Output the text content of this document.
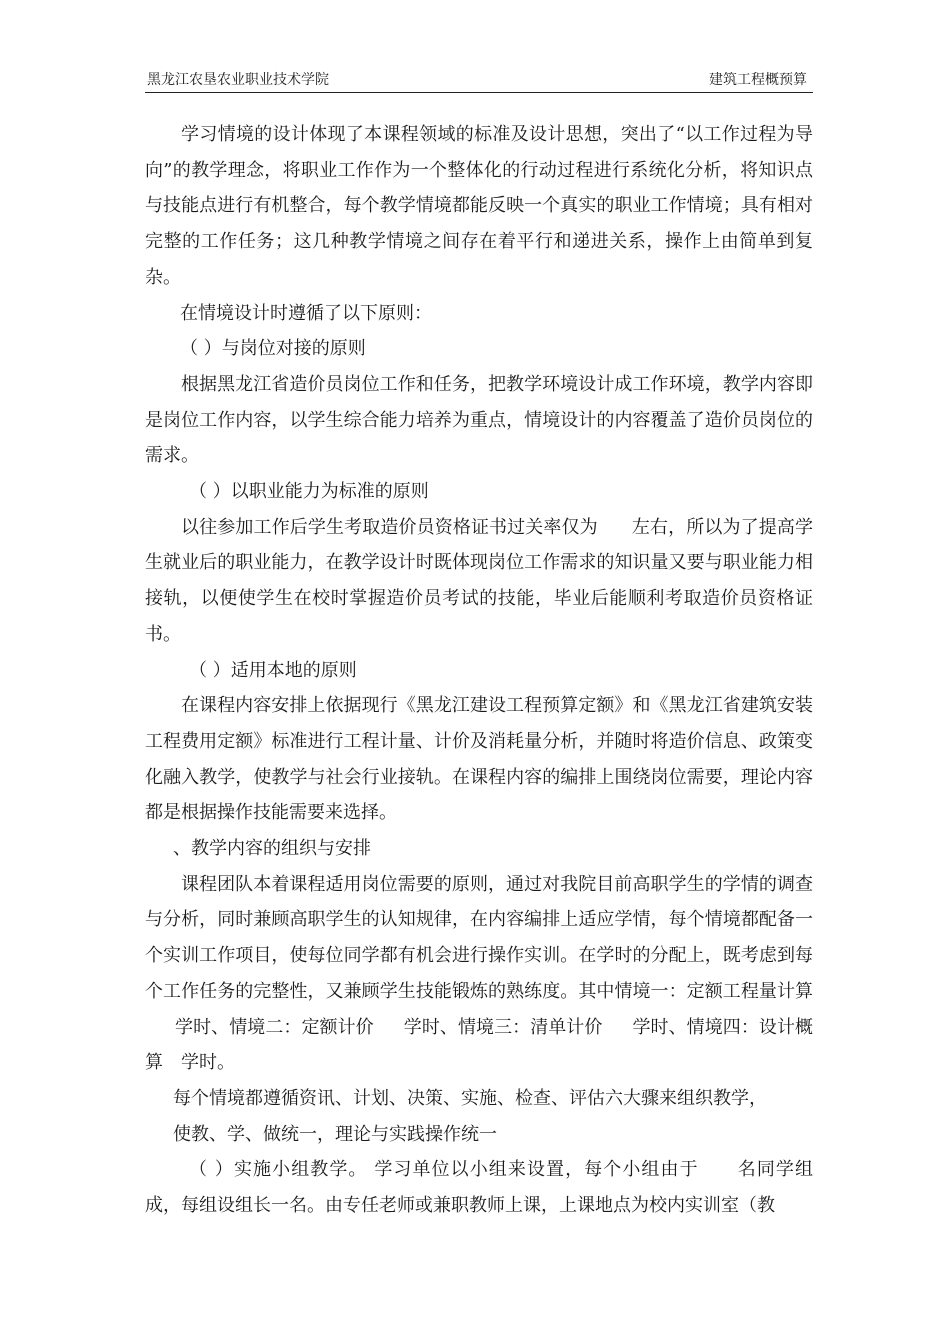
黑龙江农垦农业职业技术学院	建筑工程概预算

学习情境的设计体现了本课程领域的标准及设计思想，突出了“以工作过程为导向”的教学理念，将职业工作作为一个整体化的行动过程进行系统化分析，将知识点与技能点进行有机整合，每个教学情境都能反映一个真实的职业工作情境；具有相对完整的工作任务；这几种教学情境之间存在着平行和递进关系，操作上由简单到复杂。

在情境设计时遵循了以下原则：

（ ）与岗位对接的原则

根据黑龙江省造价员岗位工作和任务，把教学环境设计成工作环境，教学内容即是岗位工作内容，以学生综合能力培养为重点，情境设计的内容覆盖了造价员岗位的需求。

（ ）以职业能力为标准的原则

以往参加工作后学生考取造价员资格证书过关率仅为 左右，所以为了提高学生就业后的职业能力，在教学设计时既体现岗位工作需求的知识量又要与职业能力相接轨，以便使学生在校时掌握造价员考试的技能，毕业后能顺利考取造价员资格证书。

（ ）适用本地的原则

在课程内容安排上依据现行《黑龙江建设工程预算定额》和《黑龙江省建筑安装工程费用定额》标准进行工程计量、计价及消耗量分析，并随时将造价信息、政策变化融入教学，使教学与社会行业接轨。在课程内容的编排上围绕岗位需要，理论内容都是根据操作技能需要来选择。

、教学内容的组织与安排

课程团队本着课程适用岗位需要的原则，通过对我院目前高职学生的学情的调查与分析，同时兼顾高职学生的认知规律，在内容编排上适应学情，每个情境都配备一个实训工作项目，使每位同学都有机会进行操作实训。在学时的分配上，既考虑到每个工作任务的完整性，又兼顾学生技能锻炼的熟练度。其中情境一：定额工程量计算学时、情境二：定额计价 学时、情境三：清单计价 学时、情境四：设计概算 学时。

每个情境都遵循资讯、计划、决策、实施、检查、评估六大骤来组织教学，

使教、学、做统一，理论与实践操作统一

（ ）实施小组教学。 学习单位以小组来设置，每个小组由于 名同学组成，每组设组长一名。由专任老师或兼职教师上课，上课地点为校内实训室（教
